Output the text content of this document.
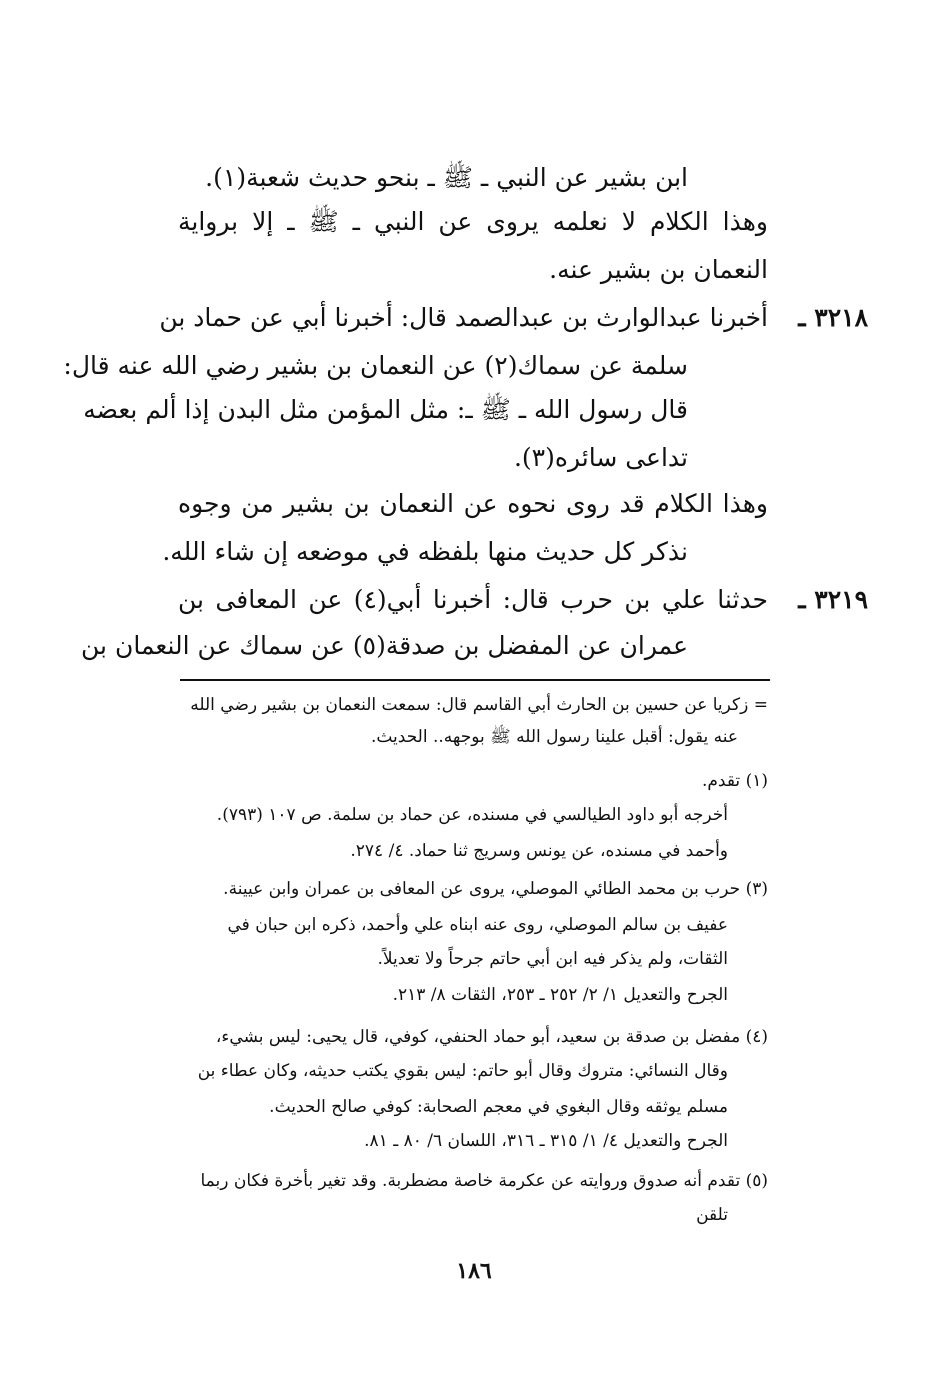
ابن بشير عن النبي ـ ﷺ ـ بنحو حديث شعبة(١).
وهذا الكلام لا نعلمه يروى عن النبي ـ ﷺ ـ إلا برواية
النعمان بن بشير عنه.
٣٢١٨ ـ
أخبرنا عبدالوارث بن عبدالصمد قال: أخبرنا أبي عن حماد بن
سلمة عن سماك(٢) عن النعمان بن بشير رضي الله عنه قال:
قال رسول الله ـ ﷺ ـ: مثل المؤمن مثل البدن إذا ألم بعضه
تداعى سائره(٣).
وهذا الكلام قد روى نحوه عن النعمان بن بشير من وجوه
نذكر كل حديث منها بلفظه في موضعه إن شاء الله.
٣٢١٩ ـ
حدثنا علي بن حرب قال: أخبرنا أبي(٤) عن المعافى بن
عمران عن المفضل بن صدقة(٥) عن سماك عن النعمان بن
= زكريا عن حسين بن الحارث أبي القاسم قال: سمعت النعمان بن بشير رضي الله
عنه يقول: أقبل علينا رسول الله ﷺ بوجهه.. الحديث.
(١) تقدم.
أخرجه أبو داود الطيالسي في مسنده، عن حماد بن سلمة. ص ١٠٧ (٧٩٣).
وأحمد في مسنده، عن يونس وسريج ثنا حماد. ٤/ ٢٧٤.
(٣) حرب بن محمد الطائي الموصلي، يروى عن المعافى بن عمران وابن عيينة.
عفيف بن سالم الموصلي، روى عنه ابناه علي وأحمد، ذكره ابن حبان في
الثقات، ولم يذكر فيه ابن أبي حاتم جرحاً ولا تعديلاً.
الجرح والتعديل ١/ ٢/ ٢٥٢ ـ ٢٥٣، الثقات ٨/ ٢١٣.
(٤) مفضل بن صدقة بن سعيد، أبو حماد الحنفي، كوفي، قال يحيى: ليس بشيء،
وقال النسائي: متروك وقال أبو حاتم: ليس بقوي يكتب حديثه، وكان عطاء بن
مسلم يوثقه وقال البغوي في معجم الصحابة: كوفي صالح الحديث.
الجرح والتعديل ٤/ ١/ ٣١٥ ـ ٣١٦، اللسان ٦/ ٨٠ ـ ٨١.
(٥) تقدم أنه صدوق وروايته عن عكرمة خاصة مضطربة. وقد تغير بأخرة فكان ربما
تلقن
١٨٦
